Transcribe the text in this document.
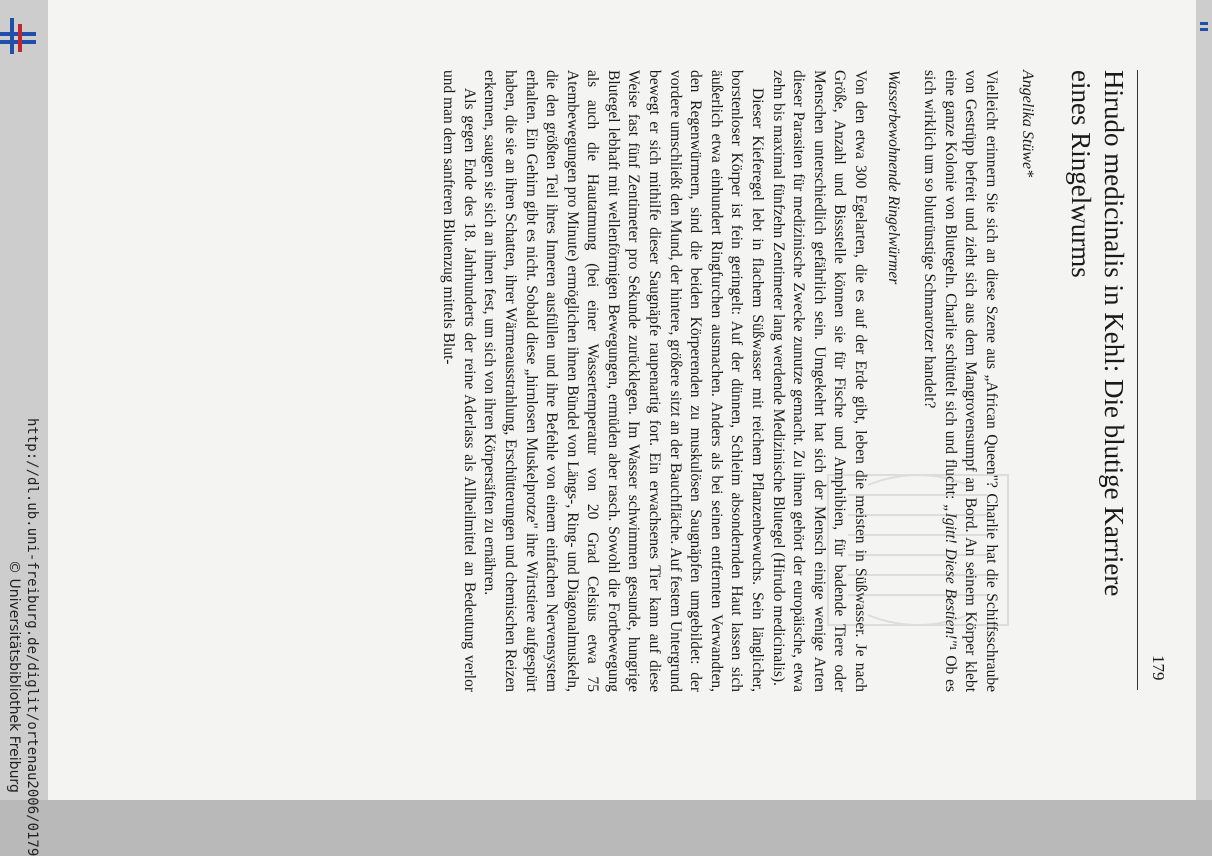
http://dl.ub.uni-freiburg.de/diglit/ortenau2006/0179
© Universitätsbibliothek Freiburg	179
Hirudo medicinalis in Kehl: Die blutige Karriere
eines Ringelwurms
Angelika Stüwe*

Vielleicht erinnern Sie sich an diese Szene aus „African Queen"? Charlie hat die Schiffsschraube von Gestrüpp befreit und zieht sich aus dem Mangrovensumpf an Bord. An seinem Körper klebt eine ganze Kolonie von Blutegeln. Charlie schüttelt sich und flucht: „Igitt! Diese Bestien!"¹ Ob es sich wirklich um so blutrünstige Schmarotzer handelt?

Wasserbewohnende Ringelwürmer

Von den etwa 300 Egelarten, die es auf der Erde gibt, leben die meisten in Süßwasser. Je nach Größe, Anzahl und Bissstelle können sie für Fische und Amphibien, für badende Tiere oder Menschen unterschiedlich gefährlich sein. Umgekehrt hat sich der Mensch einige wenige Arten dieser Parasiten für medizinische Zwecke zunutze gemacht. Zu ihnen gehört der europäische, etwa zehn bis maximal fünfzehn Zentimeter lang werdende Medizinische Blutegel (Hirudo medicinalis).

Dieser Kieferegel lebt in flachem Süßwasser mit reichem Pflanzenbewuchs. Sein länglicher, borstenloser Körper ist fein geringelt: Auf der dünnen, Schleim absondernden Haut lassen sich äußerlich etwa einhundert Ringfurchen ausmachen. Anders als bei seinen entfernten Verwandten, den Regenwürmern, sind die beiden Körperenden zu muskulösen Saugnäpfen umgebildet: der vordere umschließt den Mund, der hintere, größere sitzt an der Bauchfläche. Auf festem Untergrund bewegt er sich mithilfe dieser Saugnäpfe raupenartig fort. Ein erwachsenes Tier kann auf diese Weise fast fünf Zentimeter pro Sekunde zurücklegen. Im Wasser schwimmen gesunde, hungrige Blutegel lebhaft mit wellenförmigen Bewegungen, ermüden aber rasch. Sowohl die Fortbewegung als auch die Hautatmung (bei einer Wassertemperatur von 20 Grad Celsius etwa 75 Atembewegungen pro Minute) ermöglichen ihnen Bündel von Längs-, Ring- und Diagonalmuskeln, die den größten Teil ihres Inneren ausfüllen und ihre Befehle von einem einfachen Nervensystem erhalten. Ein Gehirn gibt es nicht. Sobald diese „hirnlosen Muskelprotze" ihre Wirtstiere aufgespürt haben, die sie an ihren Schatten, ihrer Wärmeausstrahlung, Erschütterungen und chemischen Reizen erkennen, saugen sie sich an ihnen fest, um sich von ihren Körpersäften zu ernähren.

Als gegen Ende des 18. Jahrhunderts der reine Aderlass als Allheilmittel an Bedeutung verlor und man dem sanfteren Blutenzug mittels Blut-
